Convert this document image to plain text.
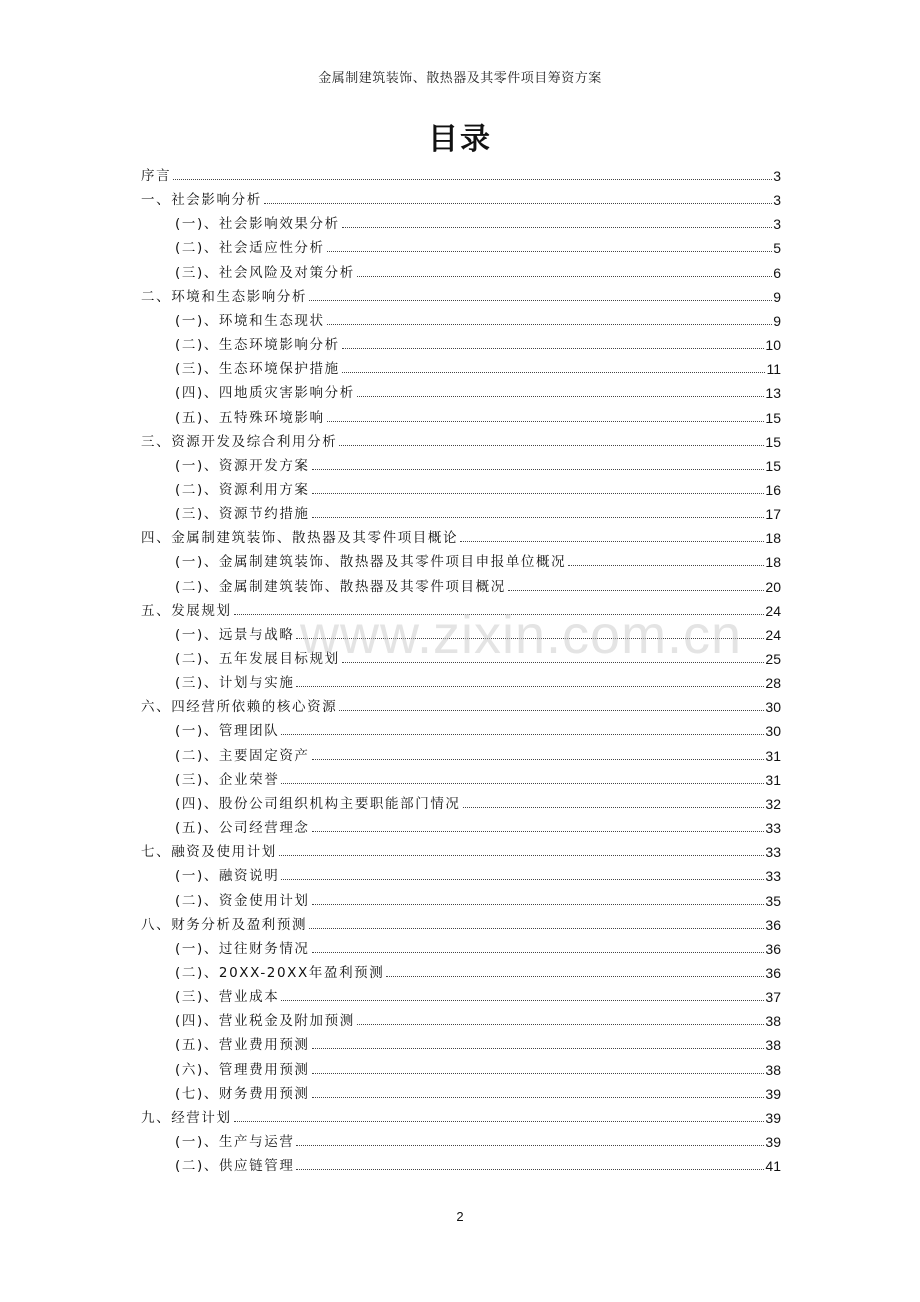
金属制建筑装饰、散热器及其零件项目筹资方案
目录
序言	3
一、社会影响分析	3
(一)、社会影响效果分析	3
(二)、社会适应性分析	5
(三)、社会风险及对策分析	6
二、环境和生态影响分析	9
(一)、环境和生态现状	9
(二)、生态环境影响分析	10
(三)、生态环境保护措施	11
(四)、四地质灾害影响分析	13
(五)、五特殊环境影响	15
三、资源开发及综合利用分析	15
(一)、资源开发方案	15
(二)、资源利用方案	16
(三)、资源节约措施	17
四、金属制建筑装饰、散热器及其零件项目概论	18
(一)、金属制建筑装饰、散热器及其零件项目申报单位概况	18
(二)、金属制建筑装饰、散热器及其零件项目概况	20
五、发展规划	24
(一)、远景与战略	24
(二)、五年发展目标规划	25
(三)、计划与实施	28
六、四经营所依赖的核心资源	30
(一)、管理团队	30
(二)、主要固定资产	31
(三)、企业荣誉	31
(四)、股份公司组织机构主要职能部门情况	32
(五)、公司经营理念	33
七、融资及使用计划	33
(一)、融资说明	33
(二)、资金使用计划	35
八、财务分析及盈利预测	36
(一)、过往财务情况	36
(二)、20XX-20XX年盈利预测	36
(三)、营业成本	37
(四)、营业税金及附加预测	38
(五)、营业费用预测	38
(六)、管理费用预测	38
(七)、财务费用预测	39
九、经营计划	39
(一)、生产与运营	39
(二)、供应链管理	41
www.zixin.com.cn
2
